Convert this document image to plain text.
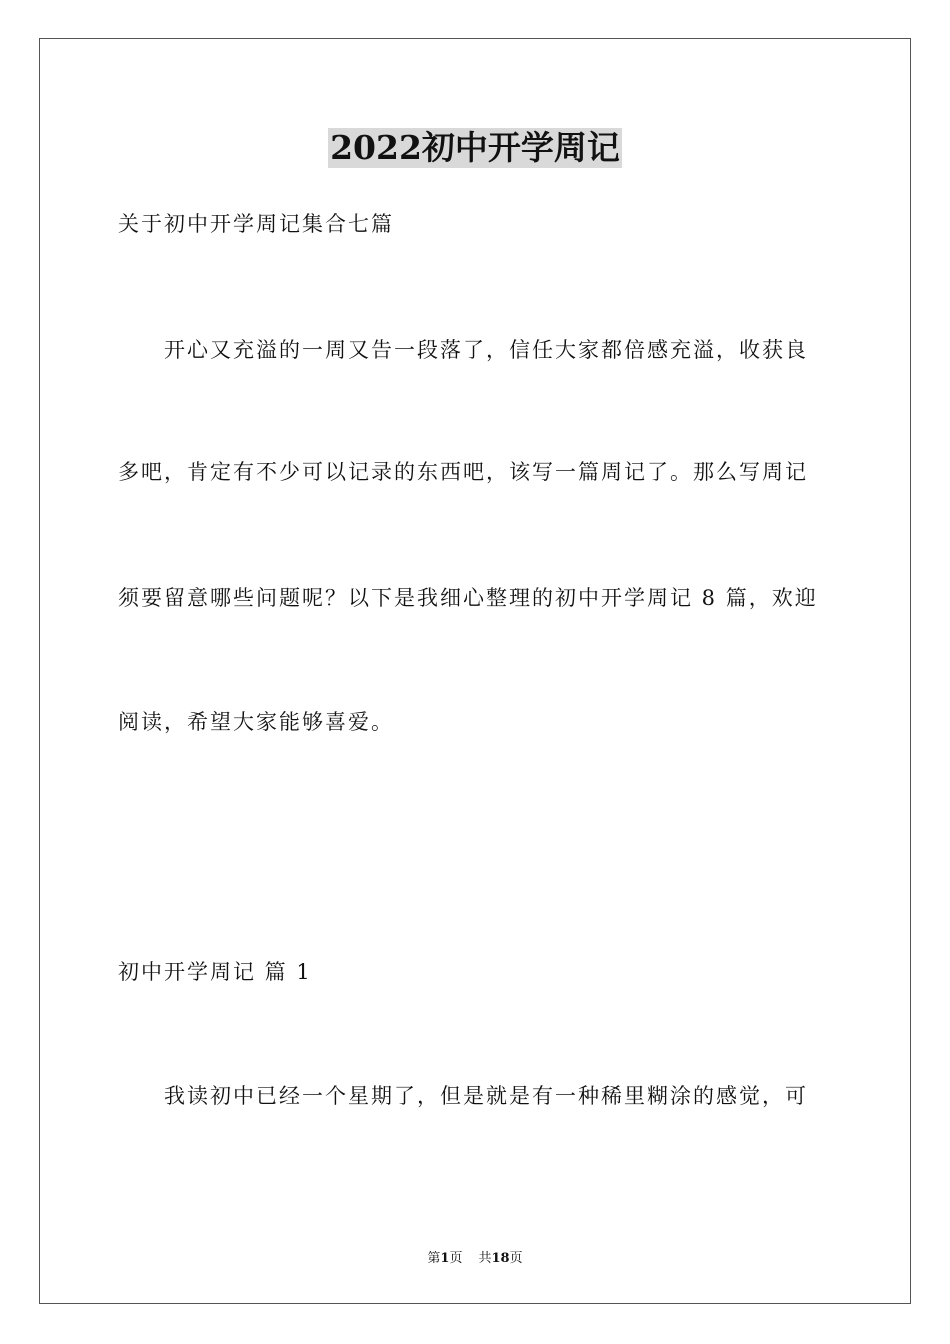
2022初中开学周记
关于初中开学周记集合七篇
开心又充溢的一周又告一段落了，信任大家都倍感充溢，收获良
多吧，肯定有不少可以记录的东西吧，该写一篇周记了。那么写周记
须要留意哪些问题呢？以下是我细心整理的初中开学周记 8 篇，欢迎
阅读，希望大家能够喜爱。
初中开学周记 篇 1
我读初中已经一个星期了，但是就是有一种稀里糊涂的感觉，可
第1页 共18页
